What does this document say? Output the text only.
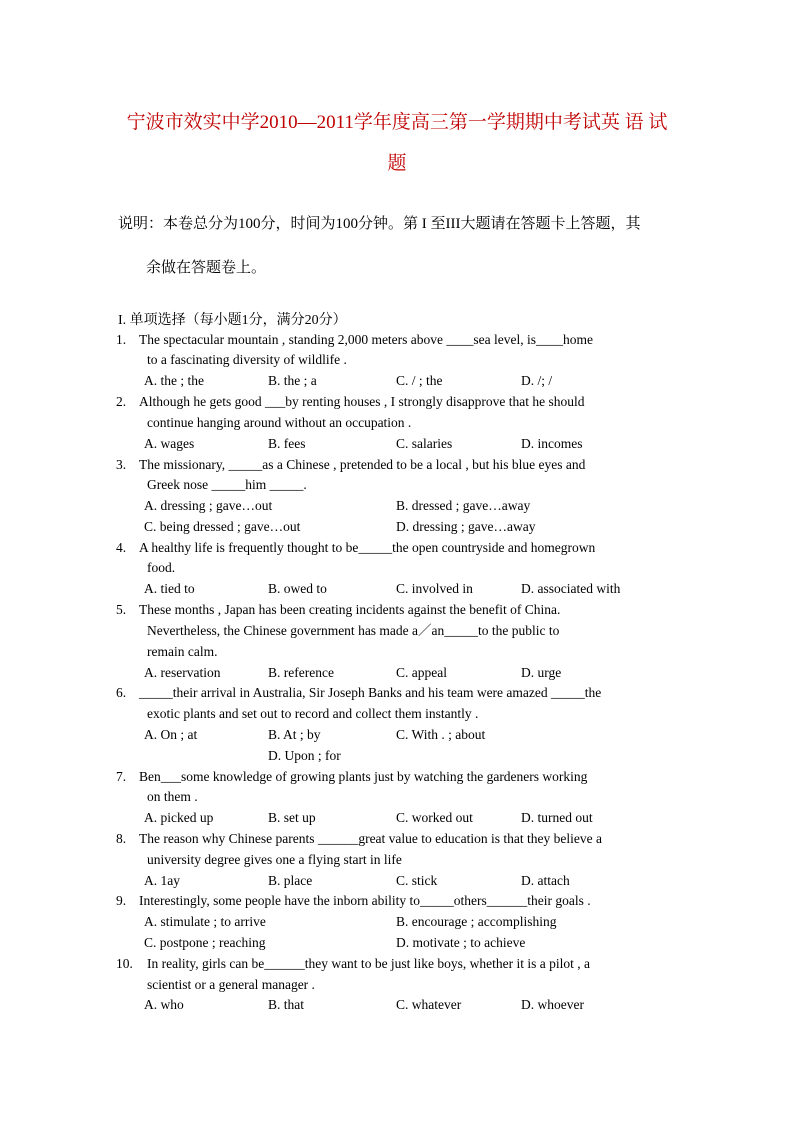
宁波市效实中学2010—2011学年度高三第一学期期中考试英 语 试
题
说明：本卷总分为100分，时间为100分钟。第 I 至III大题请在答题卡上答题，其
余做在答题卷上。
I. 单项选择（每小题1分，满分20分）
1. The spectacular mountain , standing 2,000 meters above ____sea level, is____home
to a fascinating diversity of wildlife .
A. the ; the	B. the ; a	C. / ; the	D. /; /
2. Although he gets good ___by renting houses , I strongly disapprove that he should
continue hanging around without an occupation .
A. wages	B. fees	C. salaries	D. incomes
3. The missionary, _____as a Chinese , pretended to be a local , but his blue eyes and
Greek nose _____him _____.
A. dressing ; gave…out	B. dressed ; gave…away
C. being dressed ; gave…out	D. dressing ; gave…away
4. A healthy life is frequently thought to be_____the open countryside and homegrown
food.
A. tied to	B. owed to	C. involved in	D. associated with
5. These months , Japan has been creating incidents against the benefit of China.
Nevertheless, the Chinese government has made a／an_____to the public to
remain calm.
A. reservation	B. reference	C. appeal	D. urge
6. _____their arrival in Australia, Sir Joseph Banks and his team were amazed _____the
exotic plants and set out to record and collect them instantly .
A. On ; at	B. At ; by	C. With . ; about
D. Upon ; for
7. Ben___some knowledge of growing plants just by watching the gardeners working
on them .
A. picked up	B. set up	C. worked out	D. turned out
8. The reason why Chinese parents ______great value to education is that they believe a
university degree gives one a flying start in life
A. 1ay	B. place	C. stick	D. attach
9. Interestingly, some people have the inborn ability to_____others______their goals .
A. stimulate ; to arrive	B. encourage ; accomplishing
C. postpone ; reaching	D. motivate ; to achieve
10. In reality, girls can be______they want to be just like boys, whether it is a pilot , a
scientist or a general manager .
A. who	B. that	C. whatever	D. whoever
